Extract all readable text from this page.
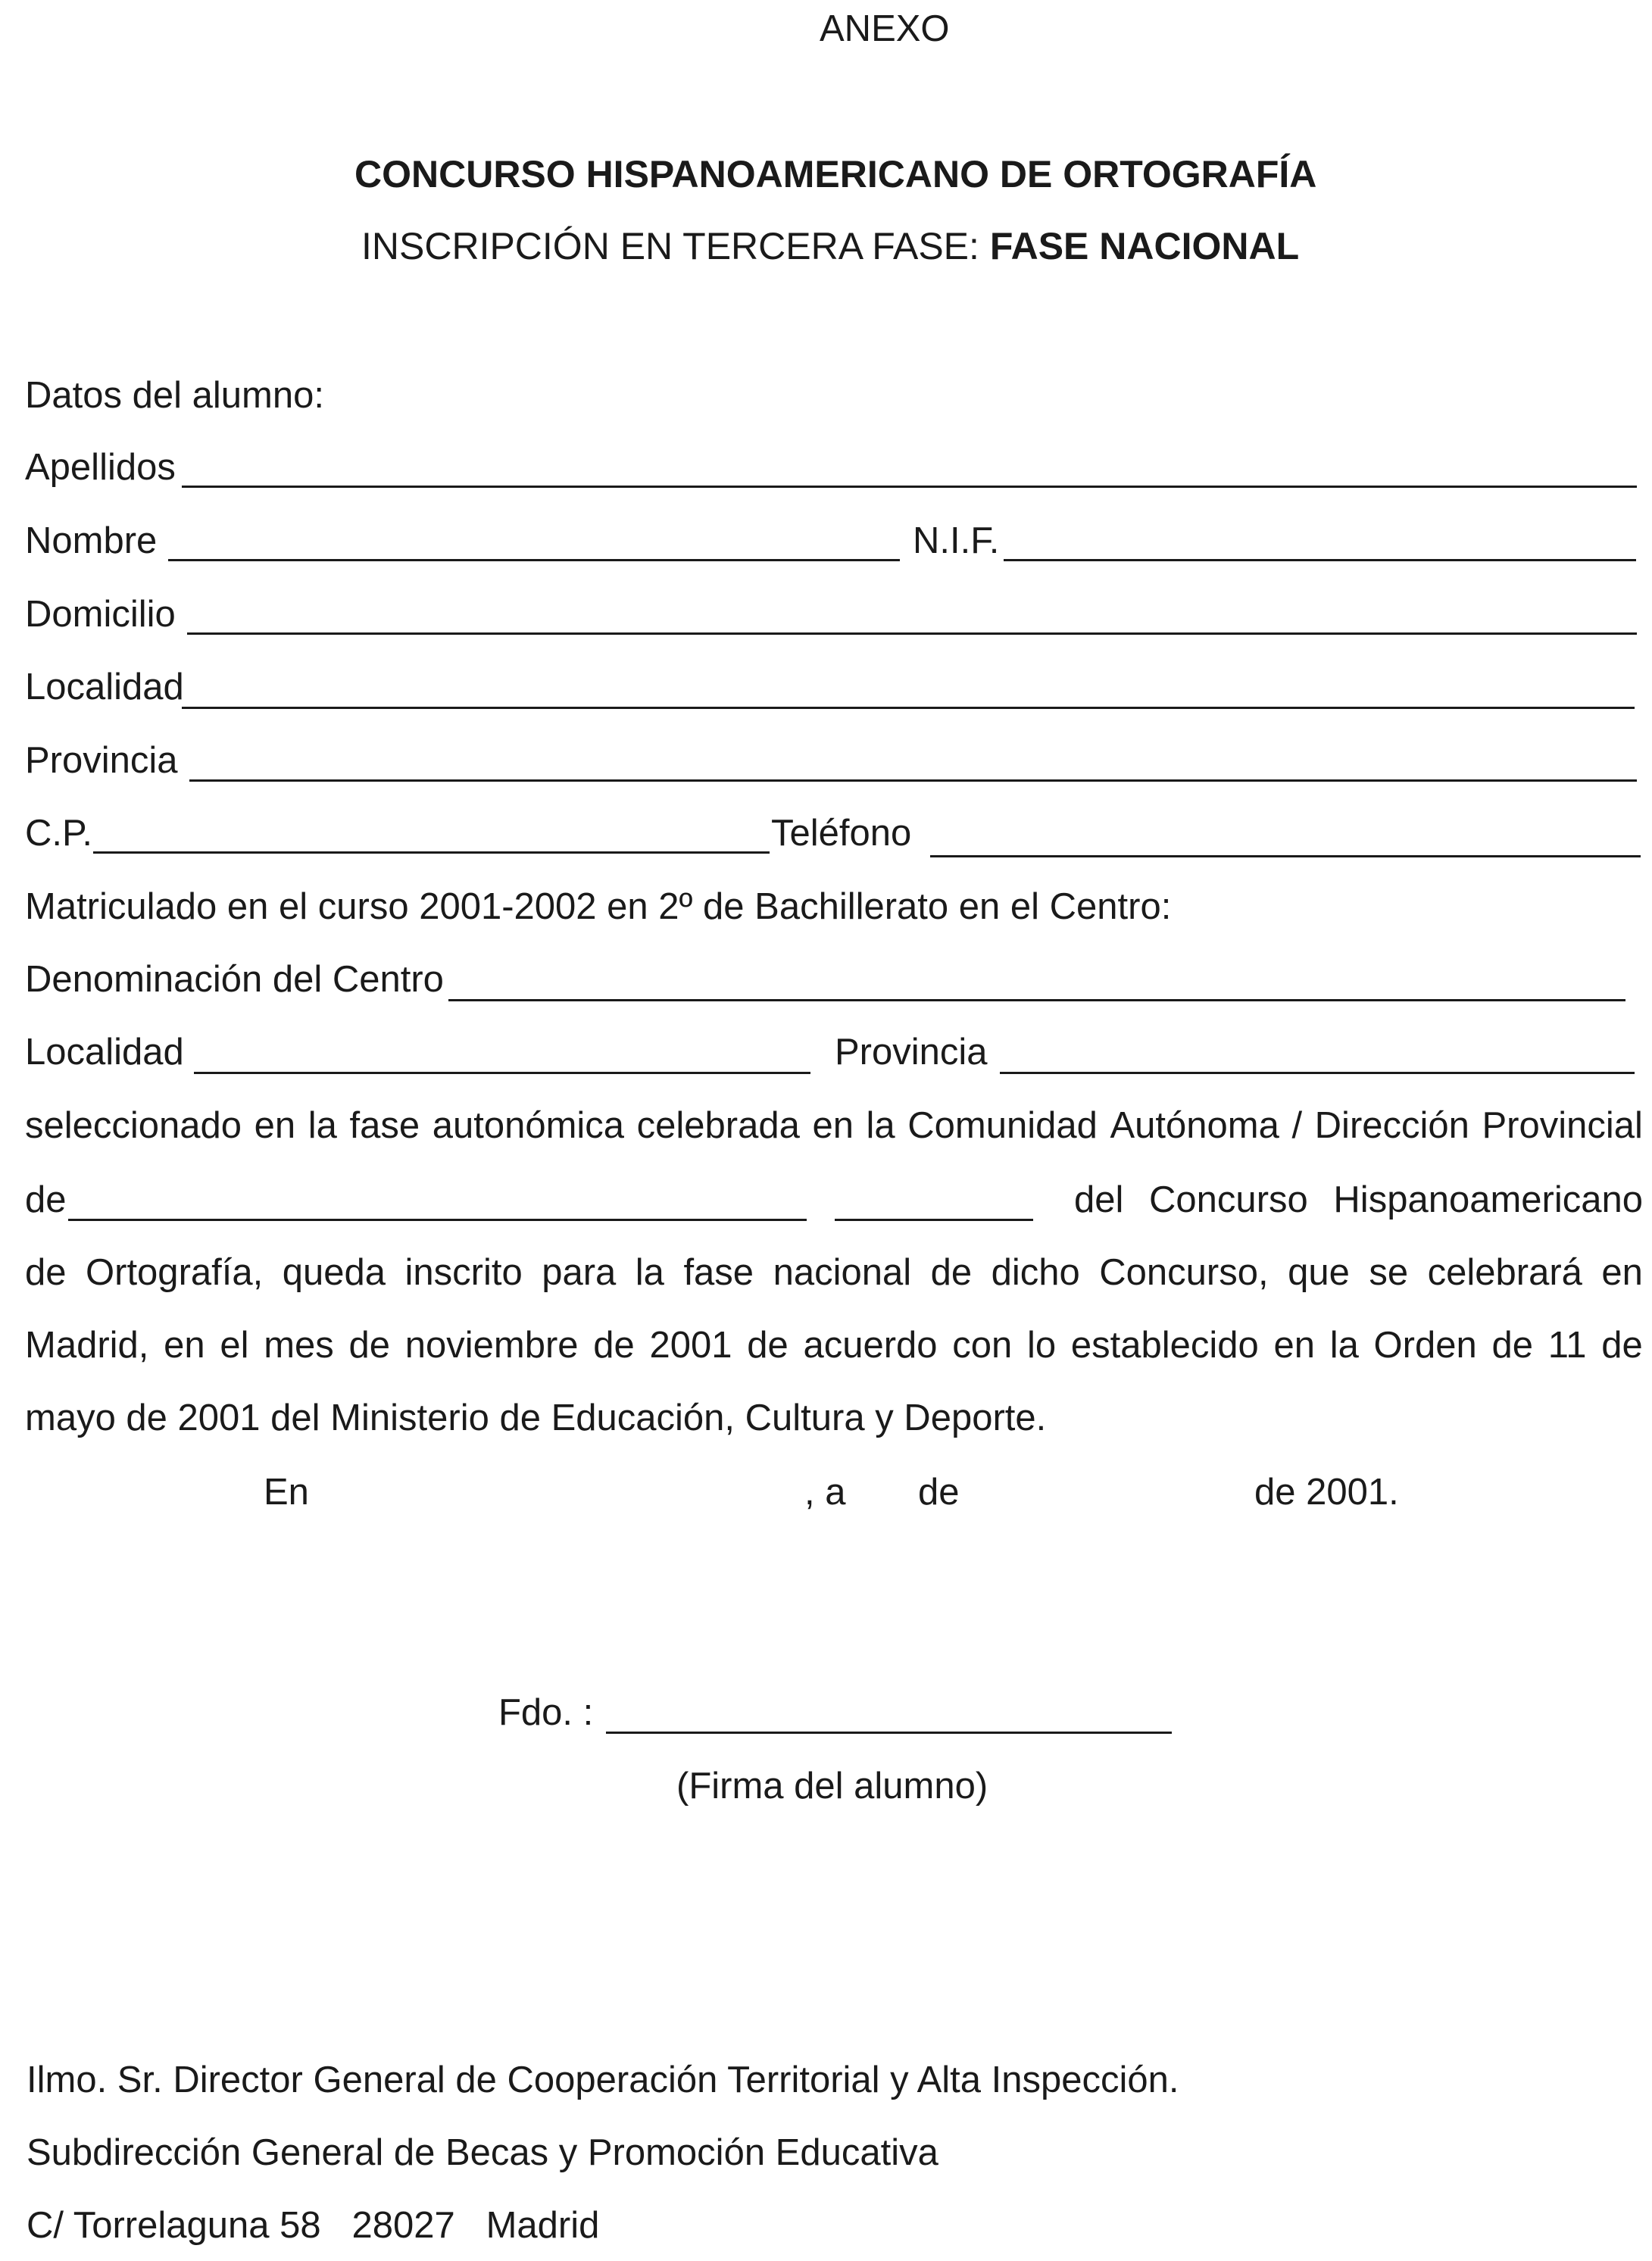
ANEXO
CONCURSO HISPANOAMERICANO DE ORTOGRAFÍA
INSCRIPCIÓN EN TERCERA FASE: FASE NACIONAL
Datos del alumno:
Apellidos
Nombre	N.I.F.
Domicilio
Localidad
Provincia
C.P.	Teléfono
Matriculado en el curso 2001-2002 en 2º de Bachillerato en el Centro:
Denominación del Centro
Localidad	Provincia
seleccionado en la fase autonómica celebrada en la Comunidad Autónoma / Dirección Provincial
de	del Concurso Hispanoamericano
de Ortografía, queda inscrito para la fase nacional de dicho Concurso, que se celebrará en
Madrid, en el mes de noviembre de 2001 de acuerdo con lo establecido en la Orden de 11 de
mayo de 2001 del Ministerio de Educación, Cultura y Deporte.
En	, a de	de 2001.
Fdo. :
(Firma del alumno)
Ilmo. Sr. Director General de Cooperación Territorial y Alta Inspección.
Subdirección General de Becas y Promoción Educativa
C/ Torrelaguna 58   28027   Madrid
